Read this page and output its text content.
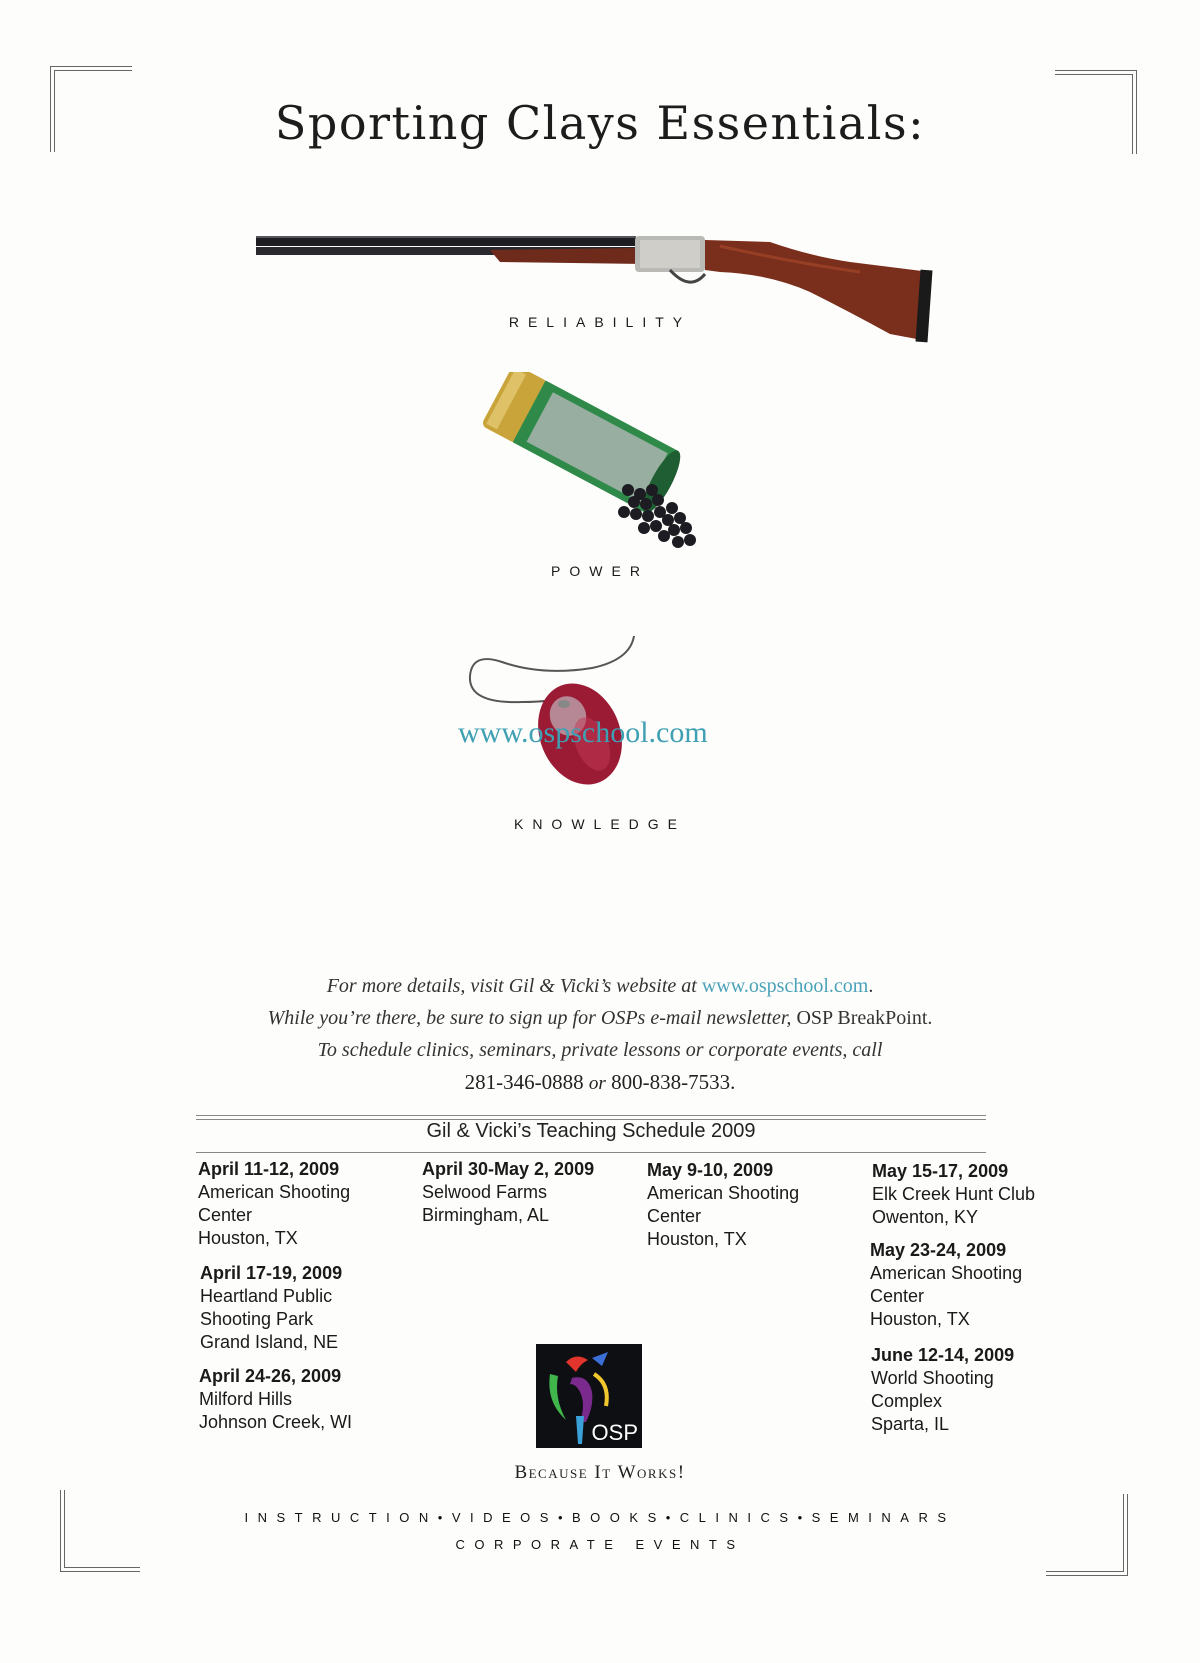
Sporting Clays Essentials:
RELIABILITY
POWER
www.ospschool.com
KNOWLEDGE
For more details, visit Gil & Vicki’s website at www.ospschool.com.
While you’re there, be sure to sign up for OSPs e-mail newsletter, OSP BreakPoint.
To schedule clinics, seminars, private lessons or corporate events, call
281-346-0888 or 800-838-7533.
Gil & Vicki’s Teaching Schedule 2009
April 11-12, 2009
American Shooting
Center
Houston, TX
April 17-19, 2009
Heartland Public
Shooting Park
Grand Island, NE
April 24-26, 2009
Milford Hills
Johnson Creek, WI
April 30-May 2, 2009
Selwood Farms
Birmingham, AL
May 9-10, 2009
American Shooting
Center
Houston, TX
May 15-17, 2009
Elk Creek Hunt Club
Owenton, KY
May 23-24, 2009
American Shooting
Center
Houston, TX
June 12-14, 2009
World Shooting
Complex
Sparta, IL
OSP
Because It Works!
INSTRUCTION•VIDEOS•BOOKS•CLINICS•SEMINARS
CORPORATE EVENTS
